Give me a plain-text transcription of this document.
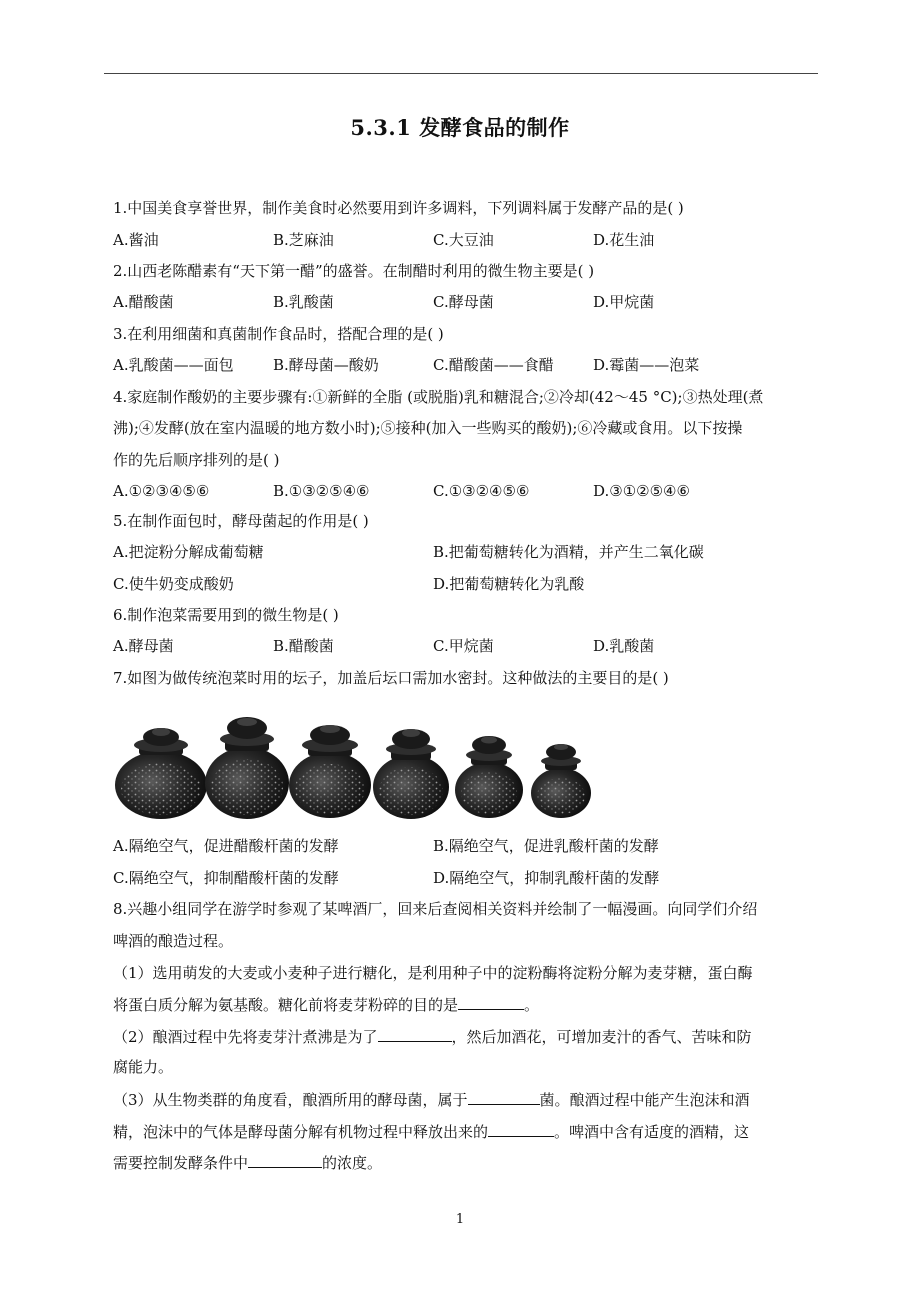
5.3.1 发酵食品的制作
1.中国美食享誉世界，制作美食时必然要用到许多调料，下列调料属于发酵产品的是( )
A.酱油	B.芝麻油	C.大豆油	D.花生油
2.山西老陈醋素有“天下第一醋”的盛誉。在制醋时利用的微生物主要是( )
A.醋酸菌	B.乳酸菌	C.酵母菌	D.甲烷菌
3.在利用细菌和真菌制作食品时，搭配合理的是( )
A.乳酸菌——面包	B.酵母菌—酸奶	C.醋酸菌——食醋	D.霉菌——泡菜
4.家庭制作酸奶的主要步骤有:①新鲜的全脂 (或脱脂)乳和糖混合;②冷却(42～45 °C);③热处理(煮
沸);④发酵(放在室内温暖的地方数小时);⑤接种(加入一些购买的酸奶);⑥冷藏或食用。以下按操
作的先后顺序排列的是( )
A.①②③④⑤⑥	B.①③②⑤④⑥	C.①③②④⑤⑥	D.③①②⑤④⑥
5.在制作面包时，酵母菌起的作用是( )
A.把淀粉分解成葡萄糖	B.把葡萄糖转化为酒精，并产生二氧化碳
C.使牛奶变成酸奶	D.把葡萄糖转化为乳酸
6.制作泡菜需要用到的微生物是( )
A.酵母菌	B.醋酸菌	C.甲烷菌	D.乳酸菌
7.如图为做传统泡菜时用的坛子，加盖后坛口需加水密封。这种做法的主要目的是( )
A.隔绝空气，促进醋酸杆菌的发酵	B.隔绝空气，促进乳酸杆菌的发酵
C.隔绝空气，抑制醋酸杆菌的发酵	D.隔绝空气，抑制乳酸杆菌的发酵
8.兴趣小组同学在游学时参观了某啤酒厂，回来后查阅相关资料并绘制了一幅漫画。向同学们介绍
啤酒的酿造过程。
（1）选用萌发的大麦或小麦种子进行糖化，是利用种子中的淀粉酶将淀粉分解为麦芽糖，蛋白酶
将蛋白质分解为氨基酸。糖化前将麦芽粉碎的目的是	。
（2）酿酒过程中先将麦芽汁煮沸是为了	，然后加酒花，可增加麦汁的香气、苦味和防
腐能力。
（3）从生物类群的角度看，酿酒所用的酵母菌，属于	菌。酿酒过程中能产生泡沫和酒
精，泡沫中的气体是酵母菌分解有机物过程中释放出来的	。啤酒中含有适度的酒精，这
需要控制发酵条件中	的浓度。
1
